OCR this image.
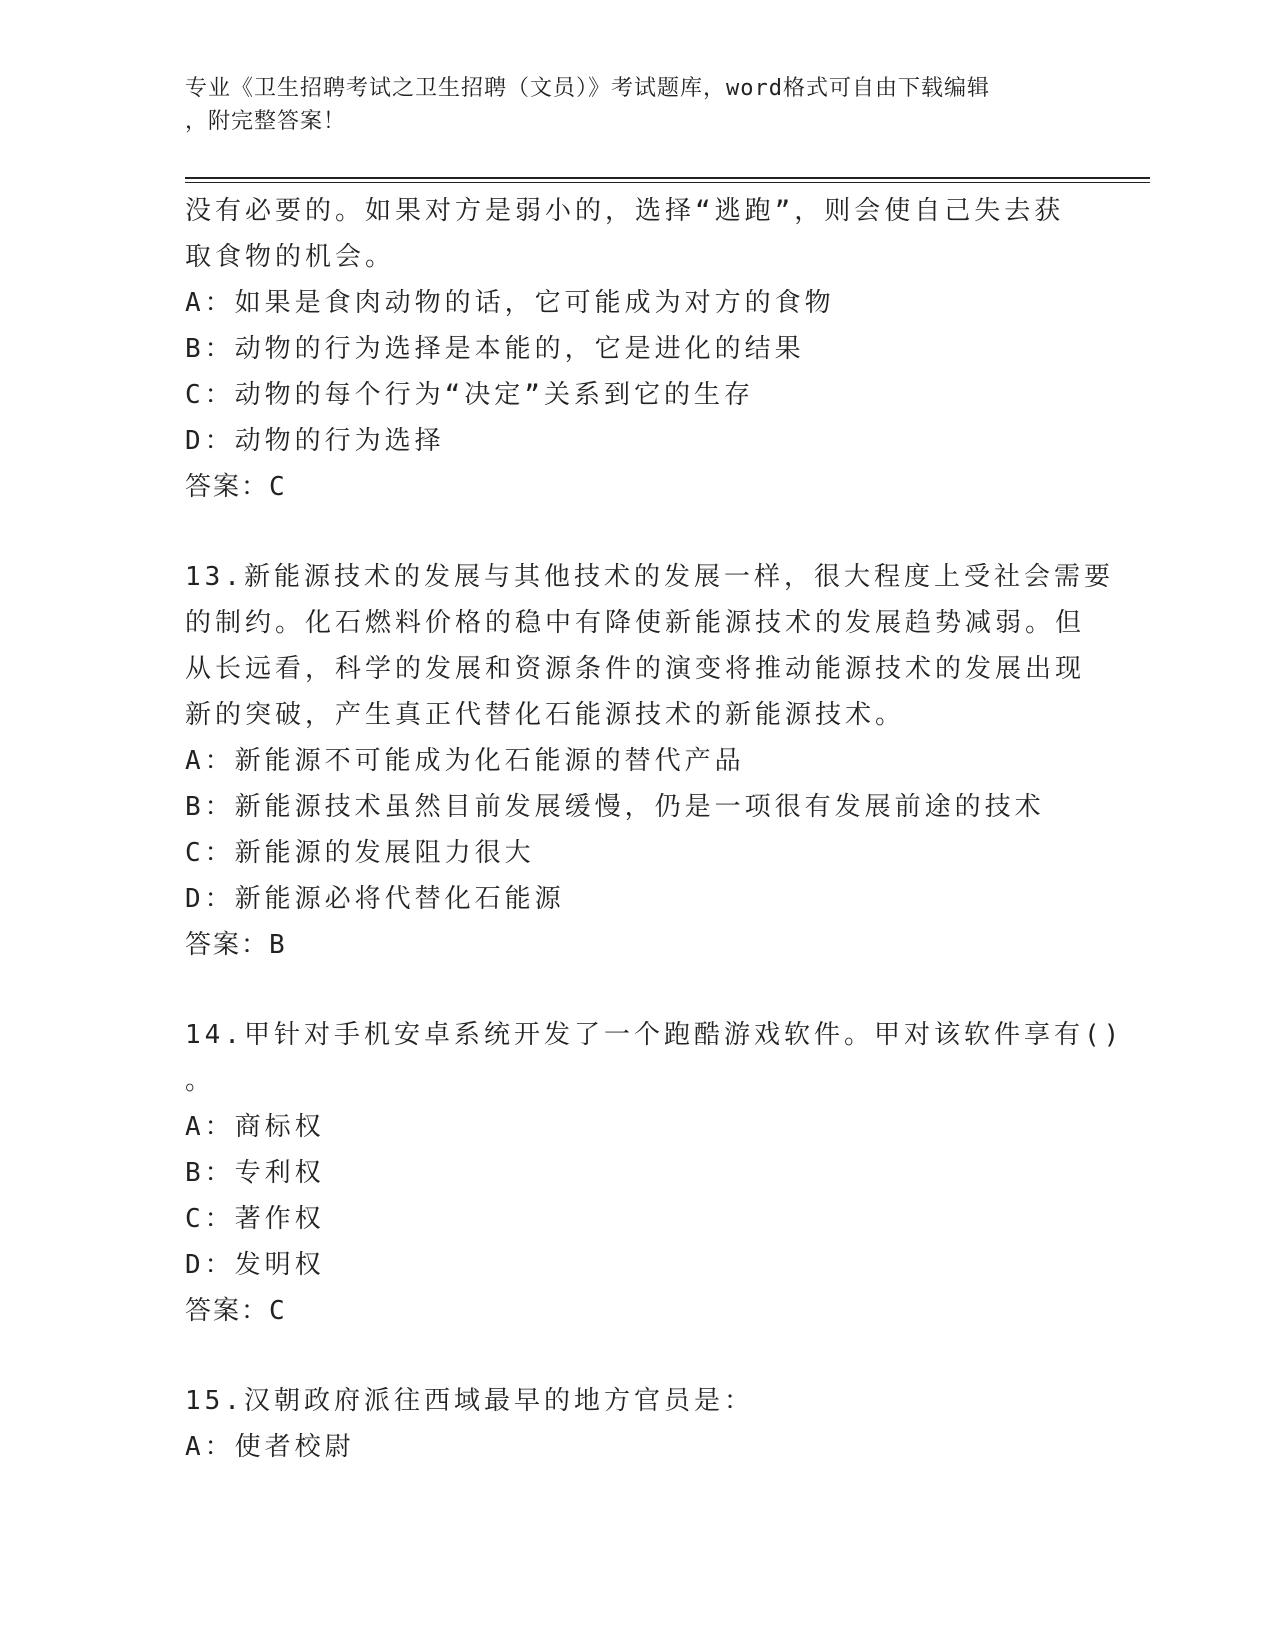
专业《卫生招聘考试之卫生招聘（文员）》考试题库，word格式可自由下载编辑
，附完整答案！
没有必要的。如果对方是弱小的，选择“逃跑”，则会使自己失去获
取食物的机会。
A：如果是食肉动物的话，它可能成为对方的食物
B：动物的行为选择是本能的，它是进化的结果
C：动物的每个行为“决定”关系到它的生存
D：动物的行为选择
答案：C
13.新能源技术的发展与其他技术的发展一样，很大程度上受社会需要
的制约。化石燃料价格的稳中有降使新能源技术的发展趋势减弱。但
从长远看，科学的发展和资源条件的演变将推动能源技术的发展出现
新的突破，产生真正代替化石能源技术的新能源技术。
A：新能源不可能成为化石能源的替代产品
B：新能源技术虽然目前发展缓慢，仍是一项很有发展前途的技术
C：新能源的发展阻力很大
D：新能源必将代替化石能源
答案：B
14.甲针对手机安卓系统开发了一个跑酷游戏软件。甲对该软件享有()
。
A：商标权
B：专利权
C：著作权
D：发明权
答案：C
15.汉朝政府派往西域最早的地方官员是：
A：使者校尉
